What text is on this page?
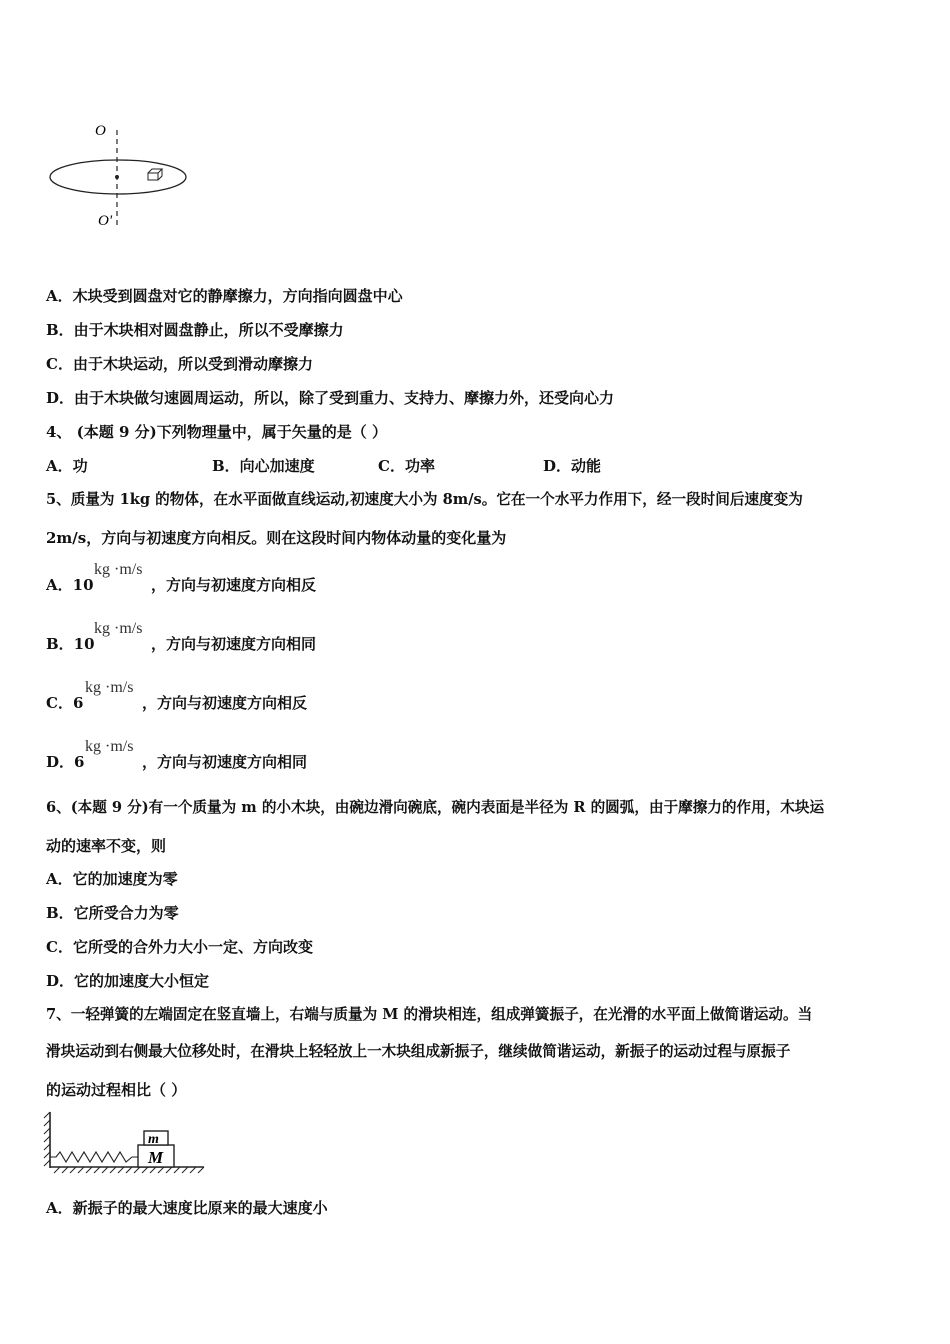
O
O'
A．木块受到圆盘对它的静摩擦力，方向指向圆盘中心
B．由于木块相对圆盘静止，所以不受摩擦力
C．由于木块运动，所以受到滑动摩擦力
D．由于木块做匀速圆周运动，所以，除了受到重力、支持力、摩擦力外，还受向心力
4、 (本题 9 分)下列物理量中，属于矢量的是（ ）
A．功	B．向心加速度	C．功率	D．动能
5、质量为 1kg 的物体，在水平面做直线运动,初速度大小为 8m/s。它在一个水平力作用下，经一段时间后速度变为
2m/s，方向与初速度方向相反。则在这段时间内物体动量的变化量为
A．10
kg ·m/s
，方向与初速度方向相反
B．10
kg ·m/s
，方向与初速度方向相同
C．6
kg ·m/s
，方向与初速度方向相反
D．6
kg ·m/s
，方向与初速度方向相同
6、(本题 9 分)有一个质量为 m 的小木块，由碗边滑向碗底，碗内表面是半径为 R 的圆弧，由于摩擦力的作用，木块运
动的速率不变，则
A．它的加速度为零
B．它所受合力为零
C．它所受的合外力大小一定、方向改变
D．它的加速度大小恒定
7、一轻弹簧的左端固定在竖直墙上，右端与质量为 M 的滑块相连，组成弹簧振子，在光滑的水平面上做简谐运动。当
滑块运动到右侧最大位移处时，在滑块上轻轻放上一木块组成新振子，继续做简谐运动，新振子的运动过程与原振子
的运动过程相比（ ）
M
m
A．新振子的最大速度比原来的最大速度小
